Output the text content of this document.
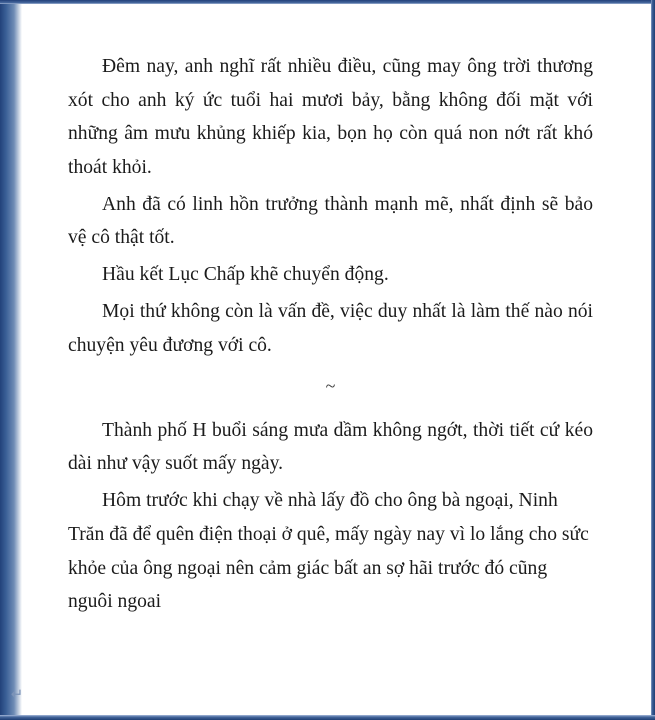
Đêm nay, anh nghĩ rất nhiều điều, cũng may ông trời thương xót cho anh ký ức tuổi hai mươi bảy, bằng không đối mặt với những âm mưu khủng khiếp kia, bọn họ còn quá non nớt rất khó thoát khỏi.

Anh đã có linh hồn trưởng thành mạnh mẽ, nhất định sẽ bảo vệ cô thật tốt.

Hầu kết Lục Chấp khẽ chuyển động.

Mọi thứ không còn là vấn đề, việc duy nhất là làm thế nào nói chuyện yêu đương với cô.

~

Thành phố H buổi sáng mưa dầm không ngớt, thời tiết cứ kéo dài như vậy suốt mấy ngày.

Hôm trước khi chạy về nhà lấy đồ cho ông bà ngoại, Ninh Trăn đã để quên điện thoại ở quê, mấy ngày nay vì lo lắng cho sức khỏe của ông ngoại nên cảm giác bất an sợ hãi trước đó cũng nguôi ngoai

↵
